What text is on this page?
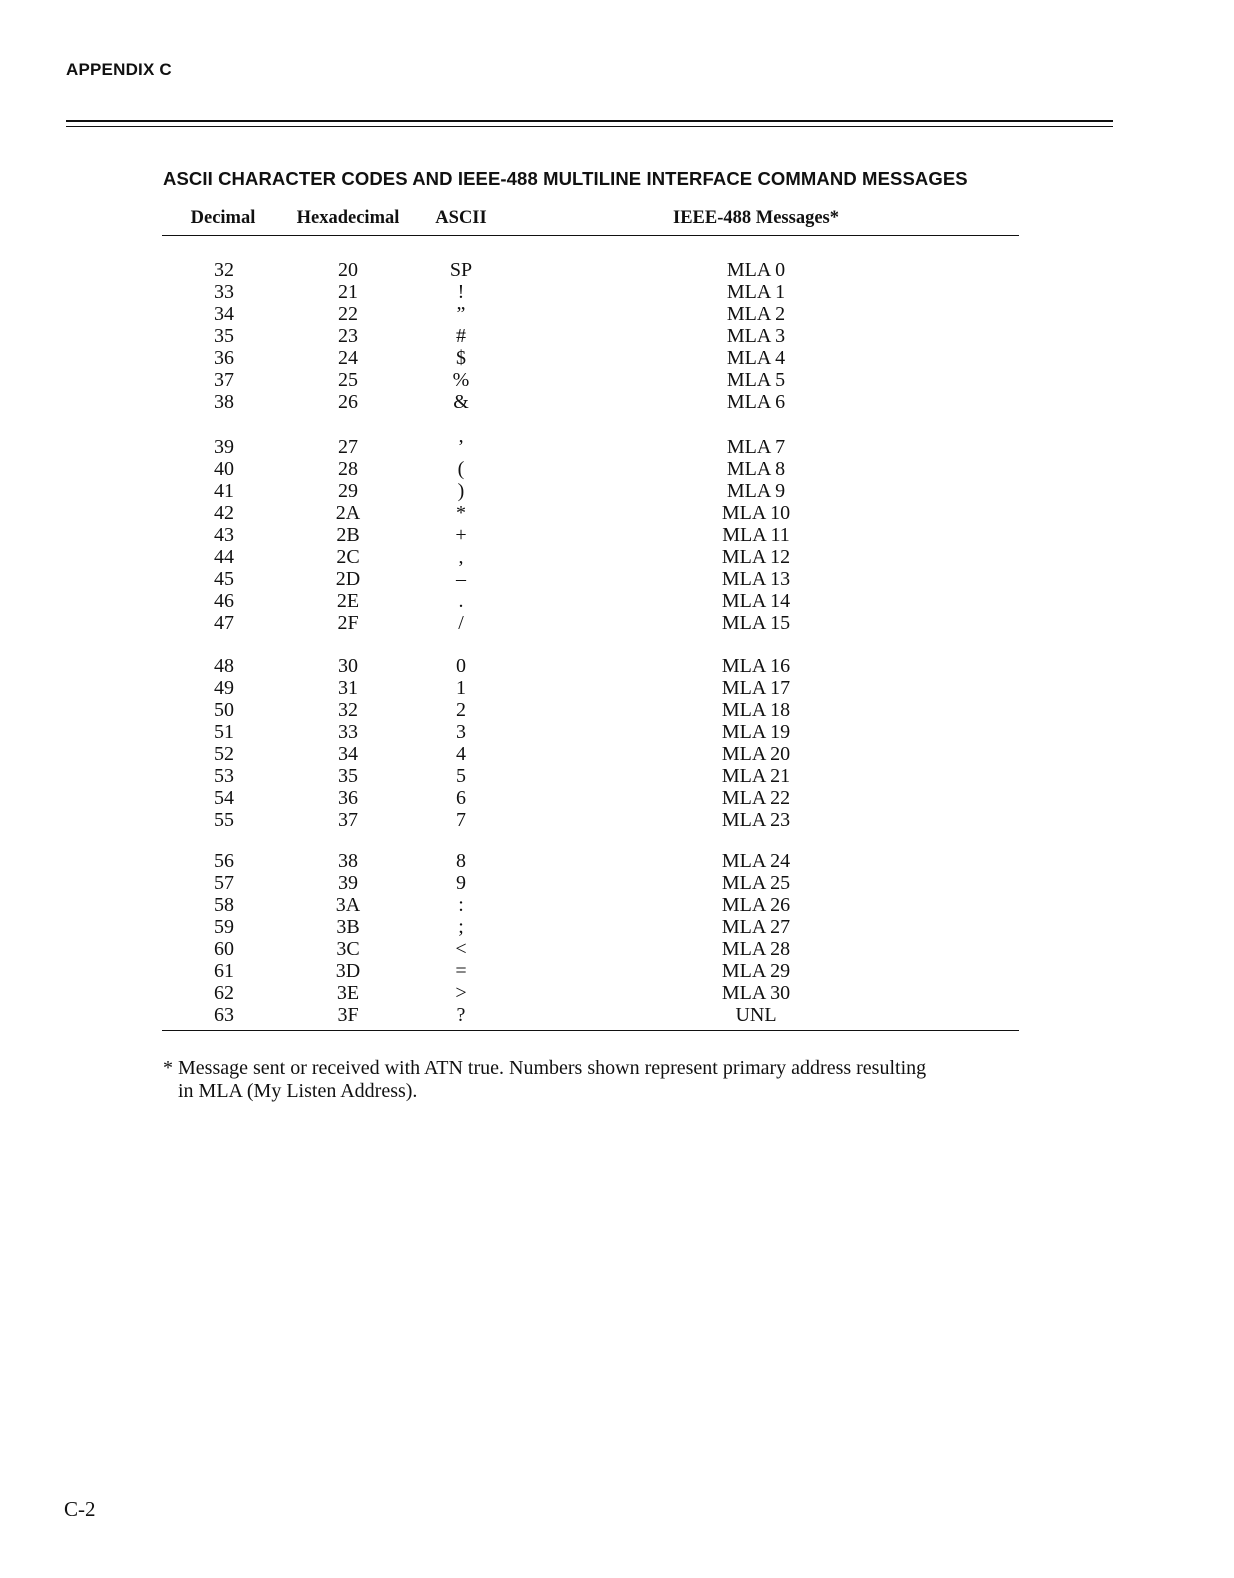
APPENDIX C
ASCII CHARACTER CODES AND IEEE-488 MULTILINE INTERFACE COMMAND MESSAGES
Decimal Hexadecimal ASCII	IEEE-488 Messages*
32	20	SP	MLA 0
33	21	!	MLA 1
34	22	”	MLA 2
35	23	#	MLA 3
36	24	$	MLA 4
37	25	%	MLA 5
38	26	&	MLA 6
39	27	’	MLA 7
40	28	(	MLA 8
41	29	)	MLA 9
42	2A	*	MLA 10
43	2B	+	MLA 11
44	2C	,	MLA 12
45	2D	–	MLA 13
46	2E	.	MLA 14
47	2F	/	MLA 15
48	30	0	MLA 16
49	31	1	MLA 17
50	32	2	MLA 18
51	33	3	MLA 19
52	34	4	MLA 20
53	35	5	MLA 21
54	36	6	MLA 22
55	37	7	MLA 23
56	38	8	MLA 24
57	39	9	MLA 25
58	3A	:	MLA 26
59	3B	;	MLA 27
60	3C	<	MLA 28
61	3D	=	MLA 29
62	3E	>	MLA 30
63	3F	?	UNL
* Message sent or received with ATN true. Numbers shown represent primary address resulting
in MLA (My Listen Address).
C-2
